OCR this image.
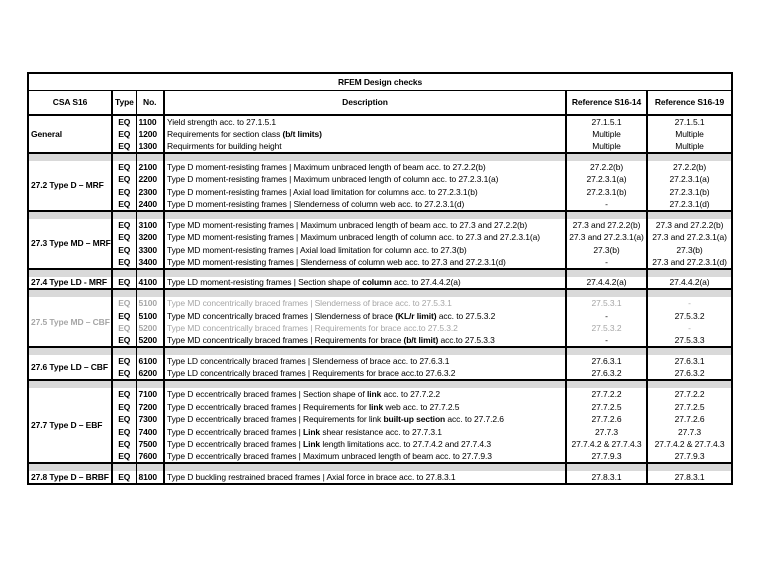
RFEM Design checks					
CSA S16	Type	No.	Description	Reference S16-14	Reference S16-19
General	EQ	1100	Yield strength acc. to 27.1.5.1	27.1.5.1	27.1.5.1
	EQ	1200	Requirements for section class (b/t limits)	Multiple	Multiple
	EQ	1300	Requirments for building height	Multiple	Multiple

27.2 Type D – MRF	EQ	2100	Type D moment-resisting frames | Maximum unbraced length of beam acc. to 27.2.2(b)	27.2.2(b)	27.2.2(b)
	EQ	2200	Type D moment-resisting frames | Maximum unbraced length of column acc. to 27.2.3.1(a)	27.2.3.1(a)	27.2.3.1(a)
	EQ	2300	Type D moment-resisting frames | Axial load limitation for columns acc. to 27.2.3.1(b)	27.2.3.1(b)	27.2.3.1(b)
	EQ	2400	Type D moment-resisting frames | Slenderness of column web acc. to 27.2.3.1(d)	-	27.2.3.1(d)

27.3 Type MD – MRF	EQ	3100	Type MD moment-resisting frames | Maximum unbraced length of beam acc. to 27.3 and 27.2.2(b)	27.3 and 27.2.2(b)	27.3 and 27.2.2(b)
	EQ	3200	Type MD moment-resisting frames | Maximum unbraced length of column acc. to 27.3 and 27.2.3.1(a)	27.3 and 27.2.3.1(a)	27.3 and 27.2.3.1(a)
	EQ	3300	Type MD moment-resisting frames | Axial load limitation for column acc. to 27.3(b)	27.3(b)	27.3(b)
	EQ	3400	Type MD moment-resisting frames | Slenderness of column web acc. to 27.3 and 27.2.3.1(d)	-	27.3 and 27.2.3.1(d)

27.4 Type LD - MRF	EQ	4100	Type LD moment-resisting frames | Section shape of column acc. to 27.4.4.2(a)	27.4.4.2(a)	27.4.4.2(a)

27.5 Type MD – CBF	EQ	5100	Type MD concentrically braced frames | Slenderness of brace acc. to 27.5.3.1	27.5.3.1	-
	EQ	5100	Type MD concentrically braced frames | Slenderness of brace (KL/r limit) acc. to 27.5.3.2	-	27.5.3.2
	EQ	5200	Type MD concentrically braced frames | Requirements for brace acc.to 27.5.3.2	27.5.3.2	-
	EQ	5200	Type MD concentrically braced frames | Requirements for brace (b/t limit) acc.to 27.5.3.3	-	27.5.3.3

27.6 Type LD – CBF	EQ	6100	Type LD concentrically braced frames | Slenderness of brace acc. to 27.6.3.1	27.6.3.1	27.6.3.1
	EQ	6200	Type LD concentrically braced frames | Requirements for brace acc.to 27.6.3.2	27.6.3.2	27.6.3.2

27.7 Type D – EBF	EQ	7100	Type D eccentrically braced frames | Section shape of link acc. to 27.7.2.2	27.7.2.2	27.7.2.2
	EQ	7200	Type D eccentrically braced frames | Requirements for link web acc. to 27.7.2.5	27.7.2.5	27.7.2.5
	EQ	7300	Type D eccentrically braced frames | Requirements for link built-up section acc. to 27.7.2.6	27.7.2.6	27.7.2.6
	EQ	7400	Type D eccentrically braced frames | Link shear resistance acc. to 27.7.3.1	27.7.3	27.7.3
	EQ	7500	Type D eccentrically braced frames | Link length limitations acc. to 27.7.4.2 and 27.7.4.3	27.7.4.2 & 27.7.4.3	27.7.4.2 & 27.7.4.3
	EQ	7600	Type D eccentrically braced frames | Maximum unbraced length of beam acc. to 27.7.9.3	27.7.9.3	27.7.9.3

27.8 Type D – BRBF	EQ	8100	Type D buckling restrained braced frames | Axial force in brace acc. to 27.8.3.1	27.8.3.1	27.8.3.1
